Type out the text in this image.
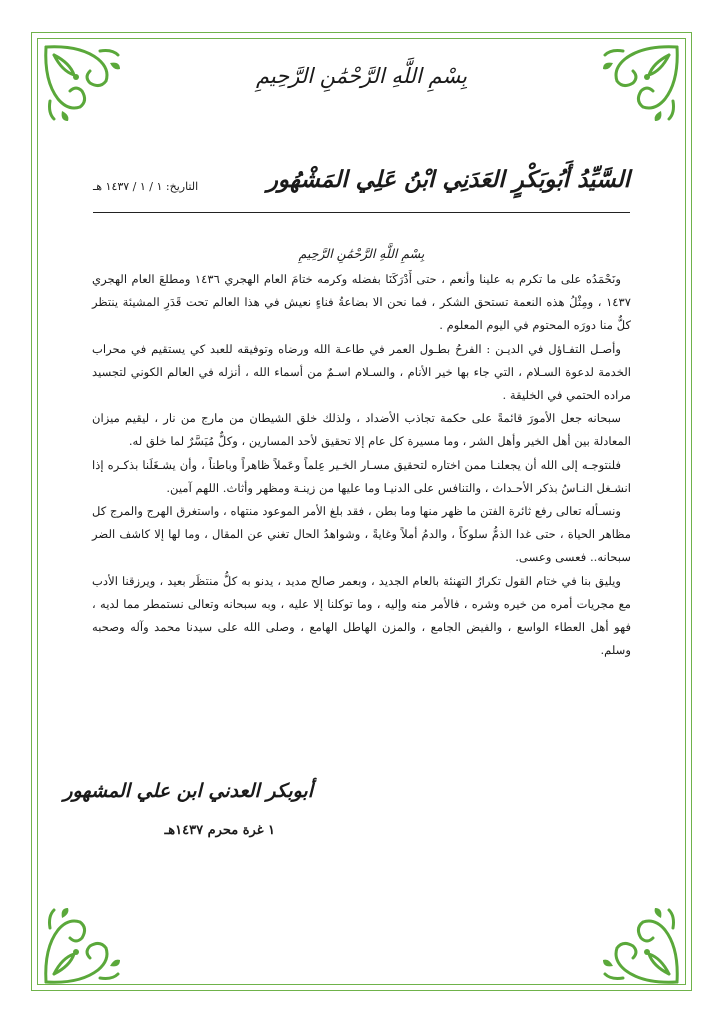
بِسْمِ اللَّهِ الرَّحْمَٰنِ الرَّحِيمِ
السَّيِّدُ أَبُوبَكْرٍ العَدَنِي ابْنُ عَلِي المَشْهُور
التاريخ: ١ / ١ / ١٤٣٧ هـ
بِسْمِ اللَّهِ الرَّحْمَٰنِ الرَّحِيمِ

ونَحْمَدُه على ما تكرم به علينا وأنعم ، حتى أَدْرَكَنَا بفضله وكرمه ختامَ العام الهجري ١٤٣٦ ومطلعَ العام الهجري ١٤٣٧ ، ومِثْلُ هذه النعمة تستحق الشكر ، فما نحن الا بضاعةُ فناءٍ نعيش في هذا العالم تحت قَدَرِ المشيئة ينتظر كلٌّ منا دورَه المحتوم في اليوم المعلوم .

وأصـل التفـاؤل في الديـن : الفرحُ بطـول العمر في طاعـة الله ورضاه وتوفيقه للعبد كي يستقيم في محراب الخدمة لدعوة السـلام ، التي جاء بها خير الأنام ، والسـلام اسـمٌ من أسماء الله ، أنزله في العالم الكوني لتجسيد مراده الحتمي في الخليقة .

سبحانه جعل الأمورَ قائمةً على حكمة تجاذب الأضداد ، ولذلك خلق الشيطان من مارج من نار ، ليقيم ميزان المعادلة بين أهل الخير وأهل الشر ، وما مسيرة كل عام إلا تحقيق لأحد المسارين ، وكلٌّ مُيَسَّرٌ لما خلق له.

فلنتوجـه إلى الله أن يجعلنـا ممن اختاره لتحقيق مسـار الخـير عِلماً وعَملاً ظاهراً وباطناً ، وأن يشـغَلَنا بذكـره إذا انشـغل النـاسُ بذكر الأحـداث ، والتنافس على الدنيـا وما عليها من زينـة ومظهر وأثاث. اللهم آمين.

ونسـأله تعالى رفع ثائرة الفتن ما ظهر منها وما بطن ، فقد بلغ الأمر الموعود منتهاه ، واستغرق الهرج والمرج كل مظاهر الحياة ، حتى غدا الذمُّ سلوكاً ، والدمُ أملاً وغايةً ، وشواهدُ الحال تغني عن المقال ، وما لها إلا كاشف الضر سبحانه.. فعسى وعسى.

ويليق بنا في ختام القول تكرارُ التهنئة بالعام الجديد ، وبعمر صالح مديد ، يدنو به كلُّ منتظَر بعيد ، ويرزقنا الأدب مع مجريات أمره من خيره وشره ، فالأمر منه وإليه ، وما توكلنا إلا عليه ، وبه سبحانه وتعالى نستمطر مما لديه ، فهو أهل العطاء الواسع ، والفيض الجامع ، والمزن الهاطل الهامع ، وصلى الله على سيدنا محمد وآله وصحبه وسلم.

أبوبكر العدني ابن علي المشهور
١ غرة محرم ١٤٣٧هـ
